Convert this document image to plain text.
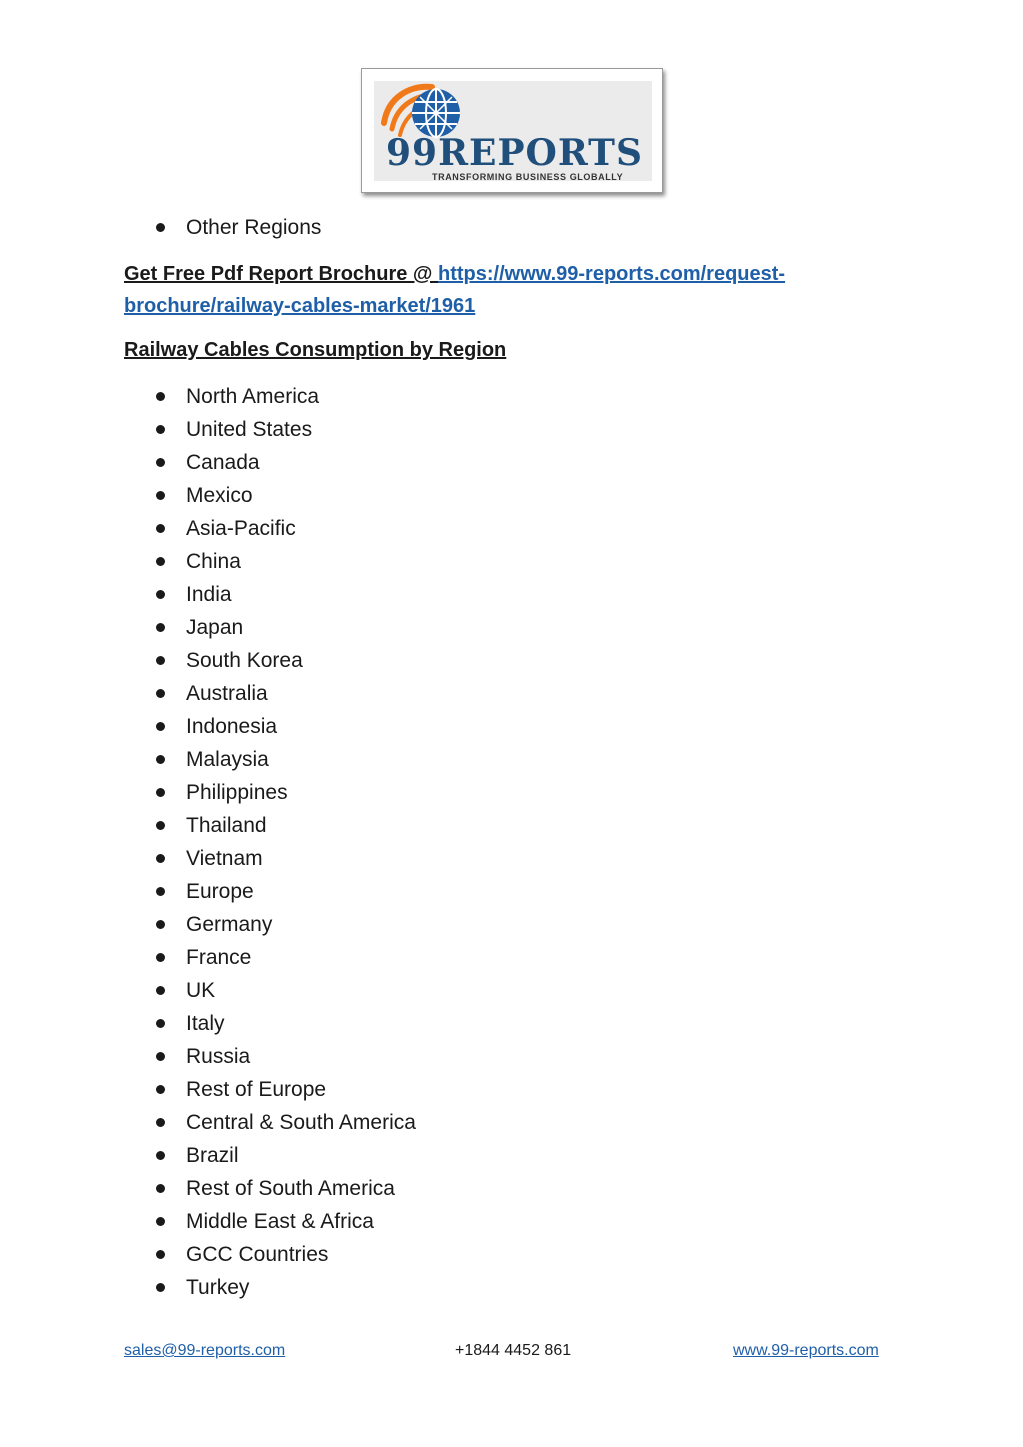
99REPORTS
TRANSFORMING BUSINESS GLOBALLY
Other Regions
Get Free Pdf Report Brochure @ https://www.99-reports.com/request-brochure/railway-cables-market/1961
Railway Cables Consumption by Region
North America
United States
Canada
Mexico
Asia-Pacific
China
India
Japan
South Korea
Australia
Indonesia
Malaysia
Philippines
Thailand
Vietnam
Europe
Germany
France
UK
Italy
Russia
Rest of Europe
Central & South America
Brazil
Rest of South America
Middle East & Africa
GCC Countries
Turkey
sales@99-reports.com	+1844 4452 861	www.99-reports.com
